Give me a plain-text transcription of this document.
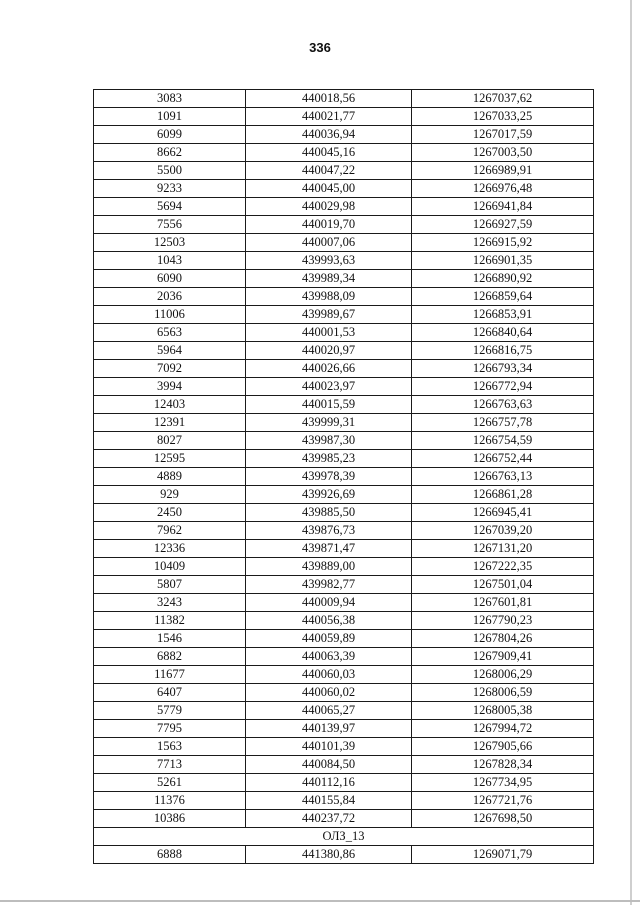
336
3083	440018,56	1267037,62
1091	440021,77	1267033,25
6099	440036,94	1267017,59
8662	440045,16	1267003,50
5500	440047,22	1266989,91
9233	440045,00	1266976,48
5694	440029,98	1266941,84
7556	440019,70	1266927,59
12503	440007,06	1266915,92
1043	439993,63	1266901,35
6090	439989,34	1266890,92
2036	439988,09	1266859,64
11006	439989,67	1266853,91
6563	440001,53	1266840,64
5964	440020,97	1266816,75
7092	440026,66	1266793,34
3994	440023,97	1266772,94
12403	440015,59	1266763,63
12391	439999,31	1266757,78
8027	439987,30	1266754,59
12595	439985,23	1266752,44
4889	439978,39	1266763,13
929	439926,69	1266861,28
2450	439885,50	1266945,41
7962	439876,73	1267039,20
12336	439871,47	1267131,20
10409	439889,00	1267222,35
5807	439982,77	1267501,04
3243	440009,94	1267601,81
11382	440056,38	1267790,23
1546	440059,89	1267804,26
6882	440063,39	1267909,41
11677	440060,03	1268006,29
6407	440060,02	1268006,59
5779	440065,27	1268005,38
7795	440139,97	1267994,72
1563	440101,39	1267905,66
7713	440084,50	1267828,34
5261	440112,16	1267734,95
11376	440155,84	1267721,76
10386	440237,72	1267698,50
ОЛЗ_13		
6888	441380,86	1269071,79
